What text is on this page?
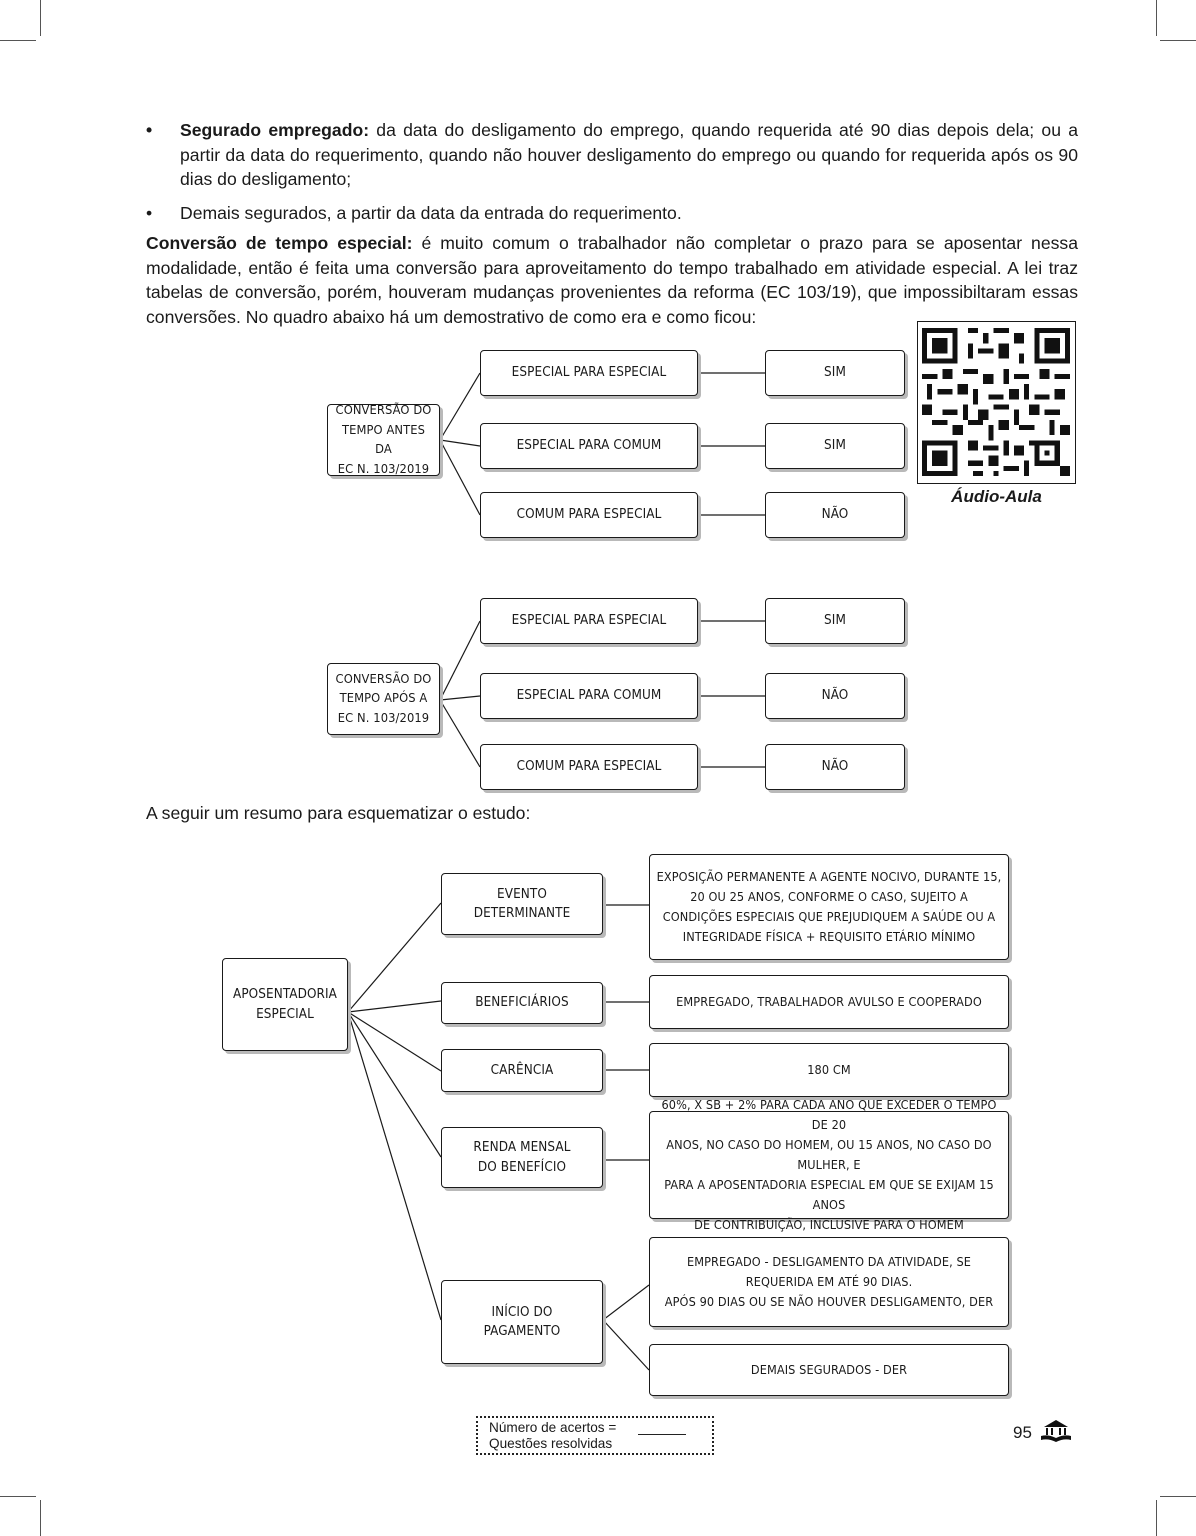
• Segurado empregado: da data do desligamento do emprego, quando requerida até 90 dias depois dela; ou a partir da data do requerimento, quando não houver desligamento do emprego ou quando for requerida após os 90 dias do desligamento;
• Demais segurados, a partir da data da entrada do requerimento.

Conversão de tempo especial: é muito comum o trabalhador não completar o prazo para se aposentar nessa modalidade, então é feita uma conversão para aproveitamento do tempo trabalhado em atividade especial. A lei traz tabelas de conversão, porém, houveram mudanças provenientes da reforma (EC 103/19), que impossibiltaram essas conversões. No quadro abaixo há um demostrativo de como era e como ficou:

CONVERSÃO DO
TEMPO ANTES DA
EC N. 103/2019
ESPECIAL PARA ESPECIAL
ESPECIAL PARA COMUM
COMUM PARA ESPECIAL
SIM
SIM
NÃO
Áudio-Aula
CONVERSÃO DO
TEMPO APÓS A
EC N. 103/2019
ESPECIAL PARA ESPECIAL
ESPECIAL PARA COMUM
COMUM PARA ESPECIAL
SIM
NÃO
NÃO
A seguir um resumo para esquematizar o estudo:
APOSENTADORIA
ESPECIAL
EVENTO
DETERMINANTE
BENEFICIÁRIOS
CARÊNCIA
RENDA MENSAL
DO BENEFÍCIO
INÍCIO DO
PAGAMENTO
EXPOSIÇÃO PERMANENTE A AGENTE NOCIVO, DURANTE 15,
20 OU 25 ANOS, CONFORME O CASO, SUJEITO A
CONDIÇÕES ESPECIAIS QUE PREJUDIQUEM A SAÚDE OU A
INTEGRIDADE FÍSICA + REQUISITO ETÁRIO MÍNIMO
EMPREGADO, TRABALHADOR AVULSO E COOPERADO
180 CM
60%, X SB + 2% PARA CADA ANO QUE EXCEDER O TEMPO DE 20
ANOS, NO CASO DO HOMEM, OU 15 ANOS, NO CASO DO MULHER, E
PARA A APOSENTADORIA ESPECIAL EM QUE SE EXIJAM 15 ANOS
DE CONTRIBUIÇÃO, INCLUSIVE PARA O HOMEM
EMPREGADO - DESLIGAMENTO DA ATIVIDADE, SE
REQUERIDA EM ATÉ 90 DIAS.
APÓS 90 DIAS OU SE NÃO HOUVER DESLIGAMENTO, DER
DEMAIS SEGURADOS - DER
Número de acertos =
Questões resolvidas
95
